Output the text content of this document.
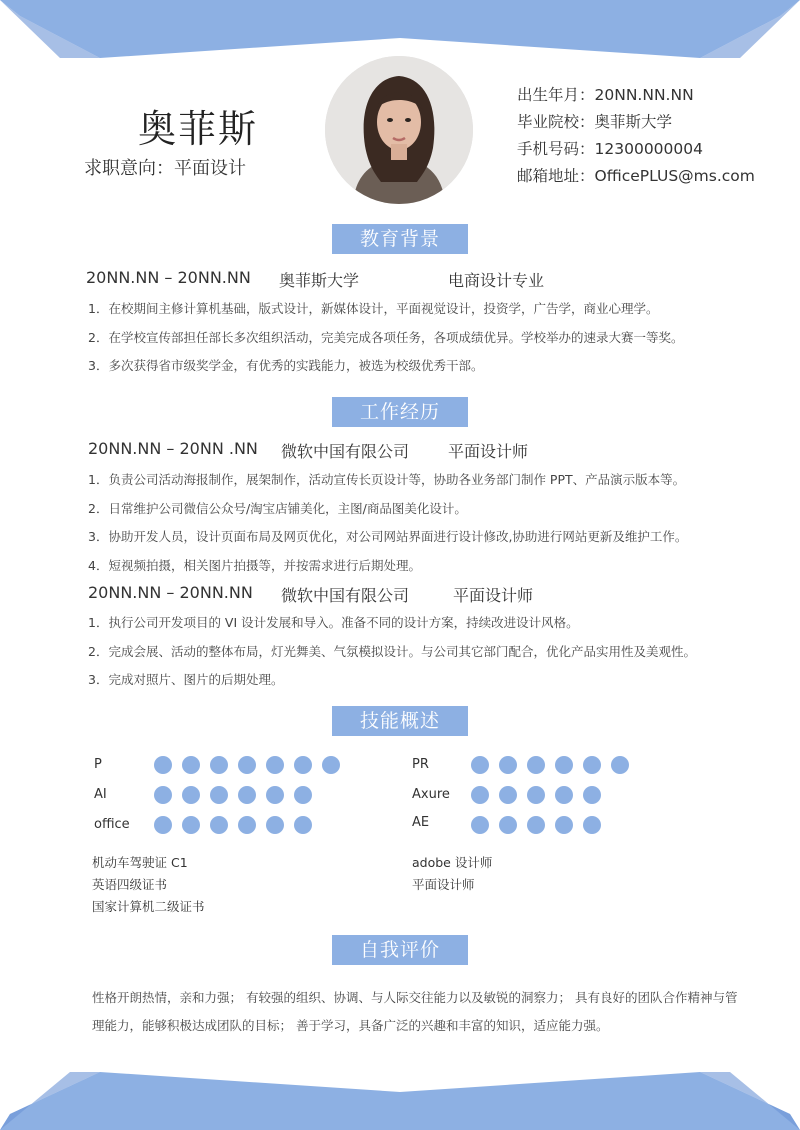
奥菲斯
求职意向：平面设计
出生年月：20NN.NN.NN
毕业院校：奥菲斯大学
手机号码：12300000004
邮箱地址：OfficePLUS@ms.com
教育背景
20NN.NN – 20NN.NN 奥菲斯大学	电商设计专业
1．在校期间主修计算机基础，版式设计，新媒体设计，平面视觉设计，投资学，广告学，商业心理学。
2．在学校宣传部担任部长多次组织活动，完美完成各项任务，各项成绩优异。学校举办的速录大赛一等奖。
3．多次获得省市级奖学金，有优秀的实践能力，被选为校级优秀干部。
工作经历
20NN.NN – 20NN .NN 微软中国有限公司 平面设计师
1．负责公司活动海报制作，展架制作，活动宣传长页设计等，协助各业务部门制作 PPT、产品演示版本等。
2．日常维护公司微信公众号/淘宝店铺美化，主图/商品图美化设计。
3．协助开发人员，设计页面布局及网页优化，对公司网站界面进行设计修改,协助进行网站更新及维护工作。
4．短视频拍摄，相关图片拍摄等，并按需求进行后期处理。
20NN.NN – 20NN.NN 微软中国有限公司	平面设计师
1．执行公司开发项目的 VI 设计发展和导入。准备不同的设计方案，持续改进设计风格。
2．完成会展、活动的整体布局，灯光舞美、气氛模拟设计。与公司其它部门配合，优化产品实用性及美观性。
3．完成对照片、图片的后期处理。
技能概述
P
AI
office
PR
Axure
AE
机动车驾驶证 C1
英语四级证书
国家计算机二级证书
adobe 设计师
平面设计师
自我评价
性格开朗热情，亲和力强； 有较强的组织、协调、与人际交往能力以及敏锐的洞察力； 具有良好的团队合作精神与管理能力，能够积极达成团队的目标； 善于学习，具备广泛的兴趣和丰富的知识，适应能力强。
